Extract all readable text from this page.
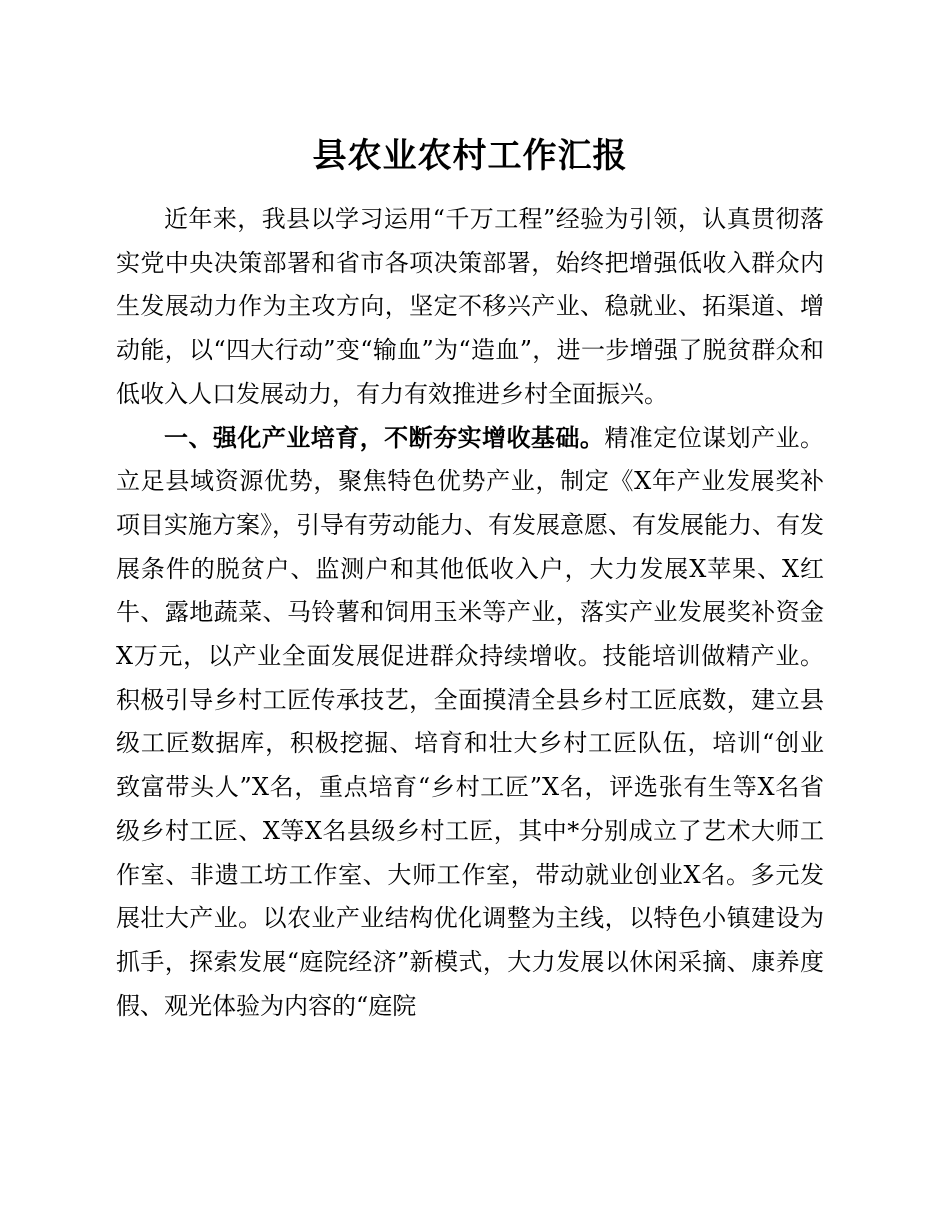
县农业农村工作汇报

近年来，我县以学习运用“千万工程”经验为引领，认真贯彻落实党中央决策部署和省市各项决策部署，始终把增强低收入群众内生发展动力作为主攻方向，坚定不移兴产业、稳就业、拓渠道、增动能，以“四大行动”变“输血”为“造血”，进一步增强了脱贫群众和低收入人口发展动力，有力有效推进乡村全面振兴。

一、强化产业培育，不断夯实增收基础。精准定位谋划产业。立足县域资源优势，聚焦特色优势产业，制定《X年产业发展奖补项目实施方案》，引导有劳动能力、有发展意愿、有发展能力、有发展条件的脱贫户、监测户和其他低收入户，大力发展X苹果、X红牛、露地蔬菜、马铃薯和饲用玉米等产业，落实产业发展奖补资金X万元，以产业全面发展促进群众持续增收。技能培训做精产业。积极引导乡村工匠传承技艺，全面摸清全县乡村工匠底数，建立县级工匠数据库，积极挖掘、培育和壮大乡村工匠队伍，培训“创业致富带头人”X名，重点培育“乡村工匠”X名，评选张有生等X名省级乡村工匠、X等X名县级乡村工匠，其中*分别成立了艺术大师工作室、非遗工坊工作室、大师工作室，带动就业创业X名。多元发展壮大产业。以农业产业结构优化调整为主线，以特色小镇建设为抓手，探索发展“庭院经济”新模式，大力发展以休闲采摘、康养度假、观光体验为内容的“庭院
